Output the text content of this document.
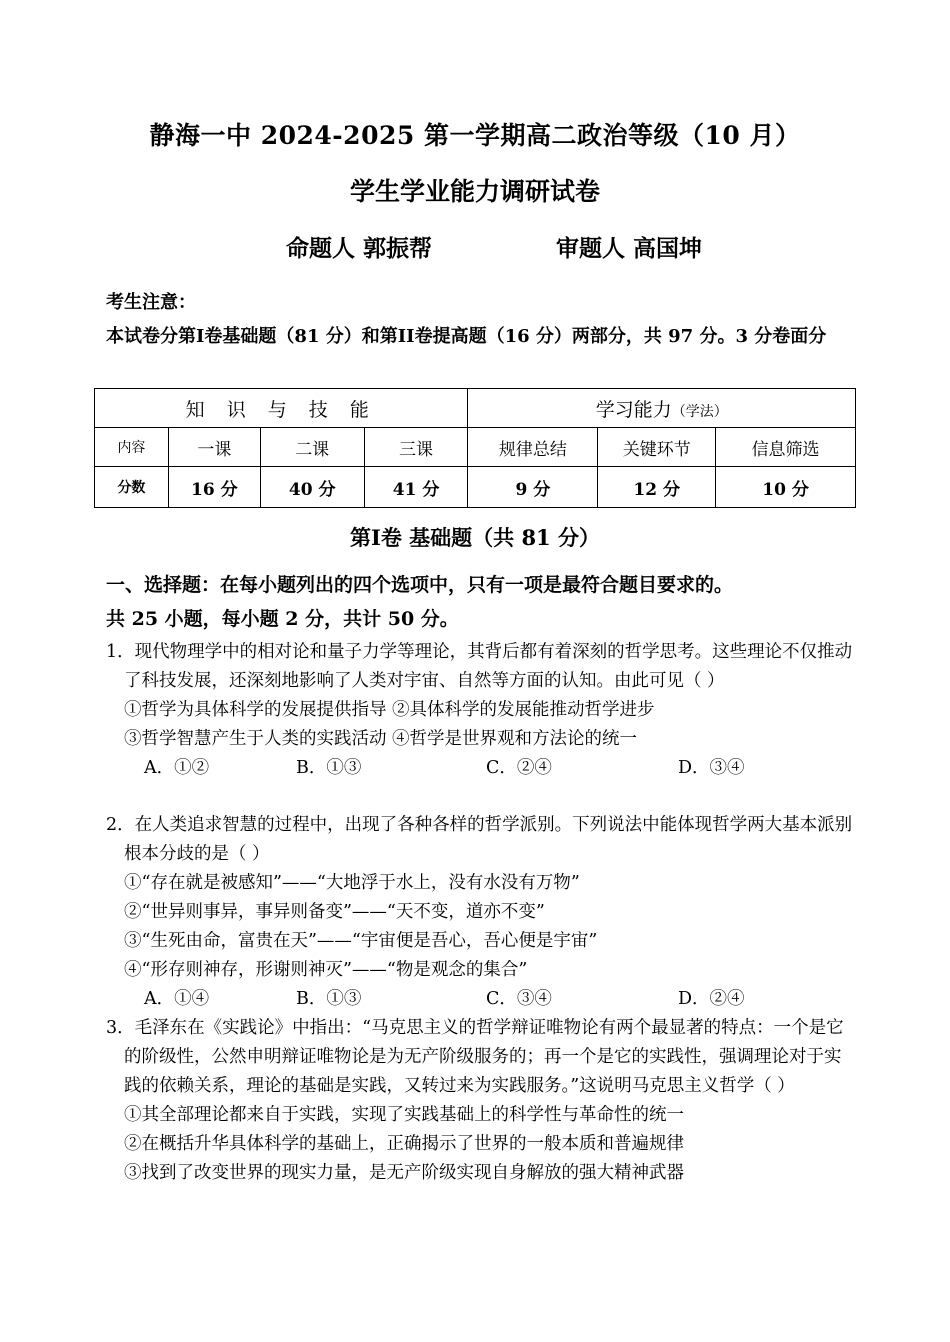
静海一中 2024-2025 第一学期高二政治等级（10 月）
学生学业能力调研试卷
命题人 郭振帮	审题人 高国坤
考生注意：
本试卷分第I卷基础题（81 分）和第II卷提高题（16 分）两部分，共 97 分。3 分卷面分
知 识 与 技 能				学习能力（学法）		
内容	一课	二课	三课	规律总结	关键环节	信息筛选
分数	16 分	40 分	41 分	9 分	12 分	10 分
第I卷 基础题（共 81 分）
一、选择题：在每小题列出的四个选项中，只有一项是最符合题目要求的。
共 25 小题，每小题 2 分，共计 50 分。
1．现代物理学中的相对论和量子力学等理论，其背后都有着深刻的哲学思考。这些理论不仅推动了科技发展，还深刻地影响了人类对宇宙、自然等方面的认知。由此可见（ ）
①哲学为具体科学的发展提供指导 ②具体科学的发展能推动哲学进步
③哲学智慧产生于人类的实践活动 ④哲学是世界观和方法论的统一
A．①②	B．①③	C．②④	D．③④
2．在人类追求智慧的过程中，出现了各种各样的哲学派别。下列说法中能体现哲学两大基本派别根本分歧的是（ ）
①“存在就是被感知”——“大地浮于水上，没有水没有万物”
②“世异则事异，事异则备变”——“天不变，道亦不变”
③“生死由命，富贵在天”——“宇宙便是吾心，吾心便是宇宙”
④“形存则神存，形谢则神灭”——“物是观念的集合”
A．①④	B．①③	C．③④	D．②④
3．毛泽东在《实践论》中指出：“马克思主义的哲学辩证唯物论有两个最显著的特点：一个是它的阶级性，公然申明辩证唯物论是为无产阶级服务的；再一个是它的实践性，强调理论对于实践的依赖关系，理论的基础是实践，又转过来为实践服务。”这说明马克思主义哲学（ ）
①其全部理论都来自于实践，实现了实践基础上的科学性与革命性的统一
②在概括升华具体科学的基础上，正确揭示了世界的一般本质和普遍规律
③找到了改变世界的现实力量，是无产阶级实现自身解放的强大精神武器
